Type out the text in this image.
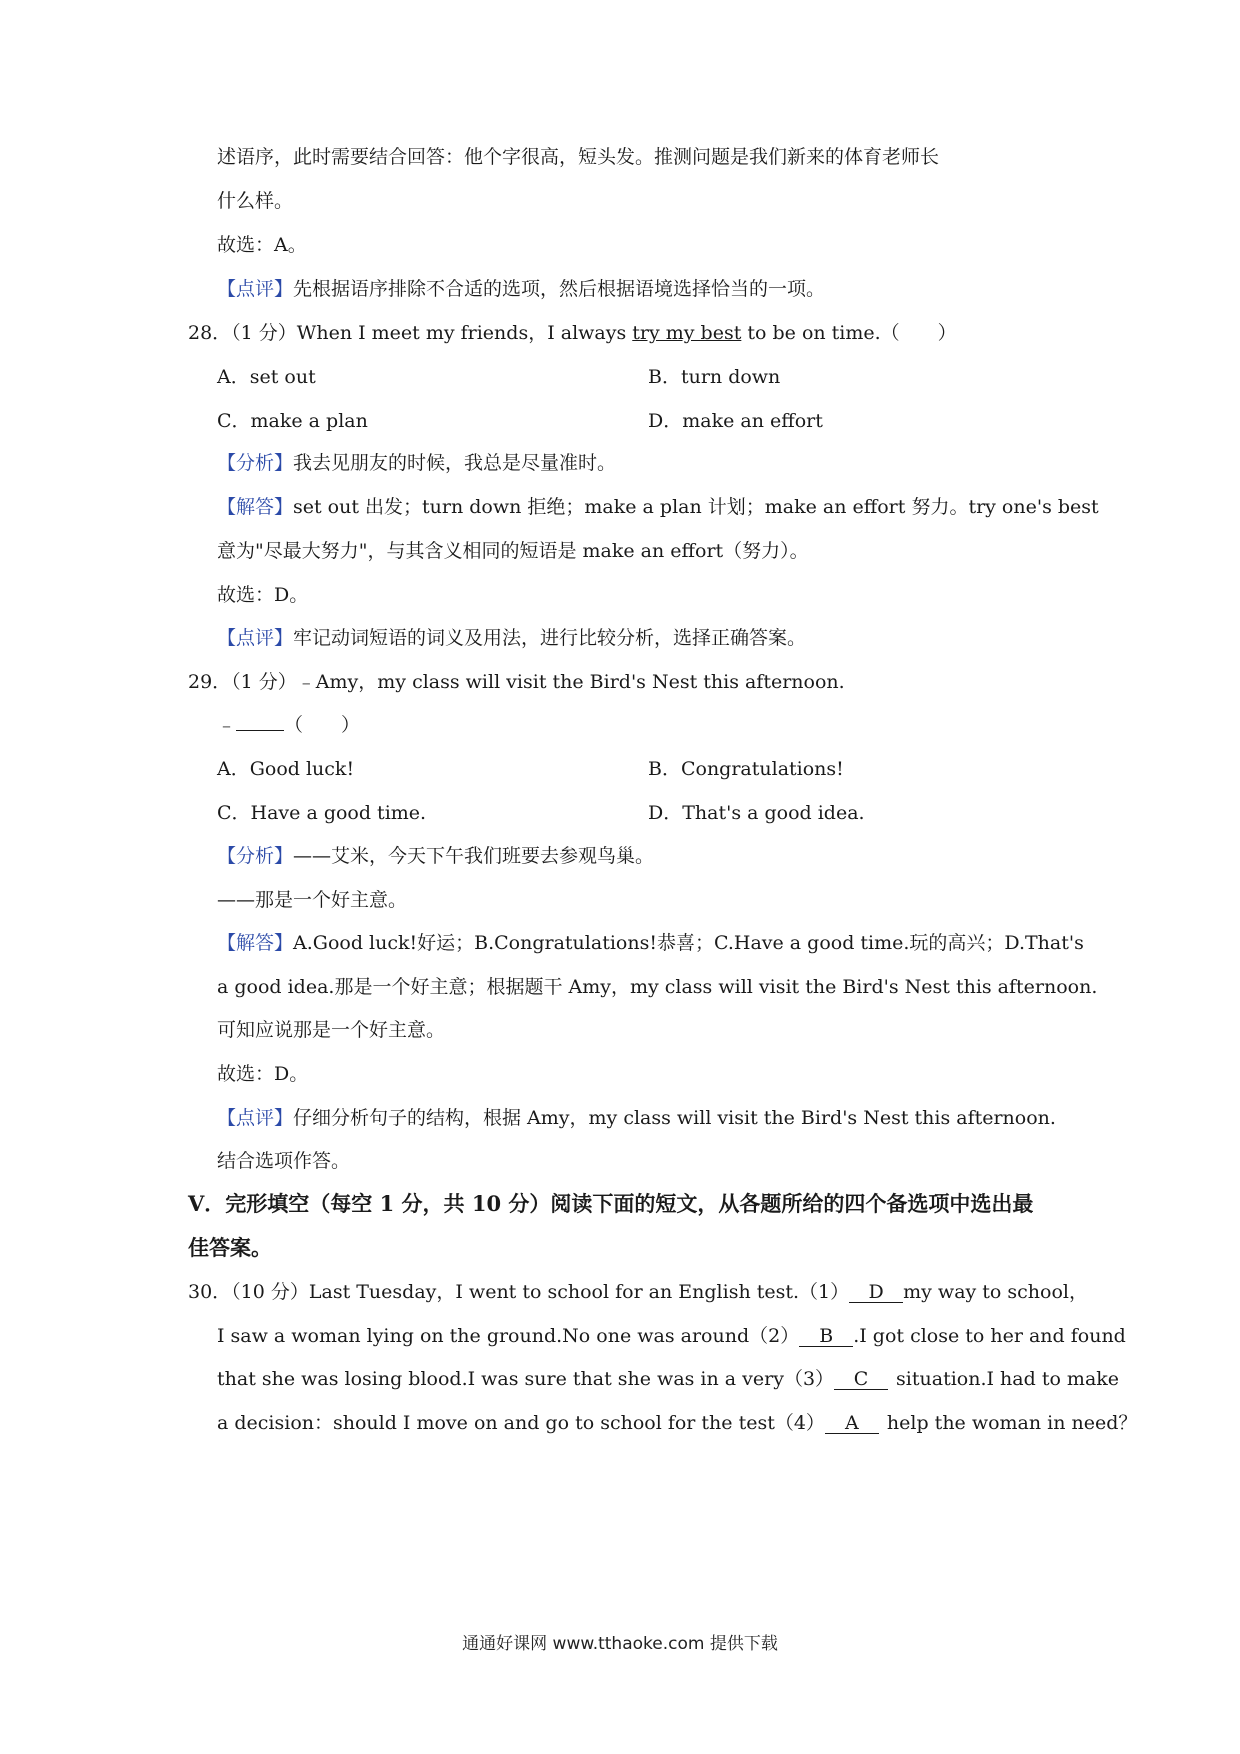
述语序，此时需要结合回答：他个字很高，短头发。推测问题是我们新来的体育老师长
什么样。
故选：A。
【点评】先根据语序排除不合适的选项，然后根据语境选择恰当的一项。
28．（1 分）When I meet my friends，I always try my best to be on time.（　　）
A．set out	B．turn down
C．make a plan	D．make an effort
【分析】我去见朋友的时候，我总是尽量准时。
【解答】set out 出发；turn down 拒绝；make a plan 计划；make an effort 努力。try one's best
意为"尽最大努力"，与其含义相同的短语是 make an effort（努力）。
故选：D。
【点评】牢记动词短语的词义及用法，进行比较分析，选择正确答案。
29．（1 分）﹣Amy，my class will visit the Bird's Nest this afternoon.
﹣	（　　）
A．Good luck!	B．Congratulations!
C．Have a good time.	D．That's a good idea.
【分析】——艾米，今天下午我们班要去参观鸟巢。
——那是一个好主意。
【解答】A.Good luck!好运；B.Congratulations!恭喜；C.Have a good time.玩的高兴；D.That's
a good idea.那是一个好主意；根据题干 Amy，my class will visit the Bird's Nest this afternoon.
可知应说那是一个好主意。
故选：D。
【点评】仔细分析句子的结构，根据 Amy，my class will visit the Bird's Nest this afternoon.
结合选项作答。
V．完形填空（每空 1 分，共 10 分）阅读下面的短文，从各题所给的四个备选项中选出最
佳答案。
30．（10 分）Last Tuesday，I went to school for an English test.（1） D my way to school，
I saw a woman lying on the ground.No one was around（2） B .I got close to her and found
that she was losing blood.I was sure that she was in a very（3） C situation.I had to make
a decision：should I move on and go to school for the test（4） A help the woman in need？
通通好课网 www.tthaoke.com 提供下载
